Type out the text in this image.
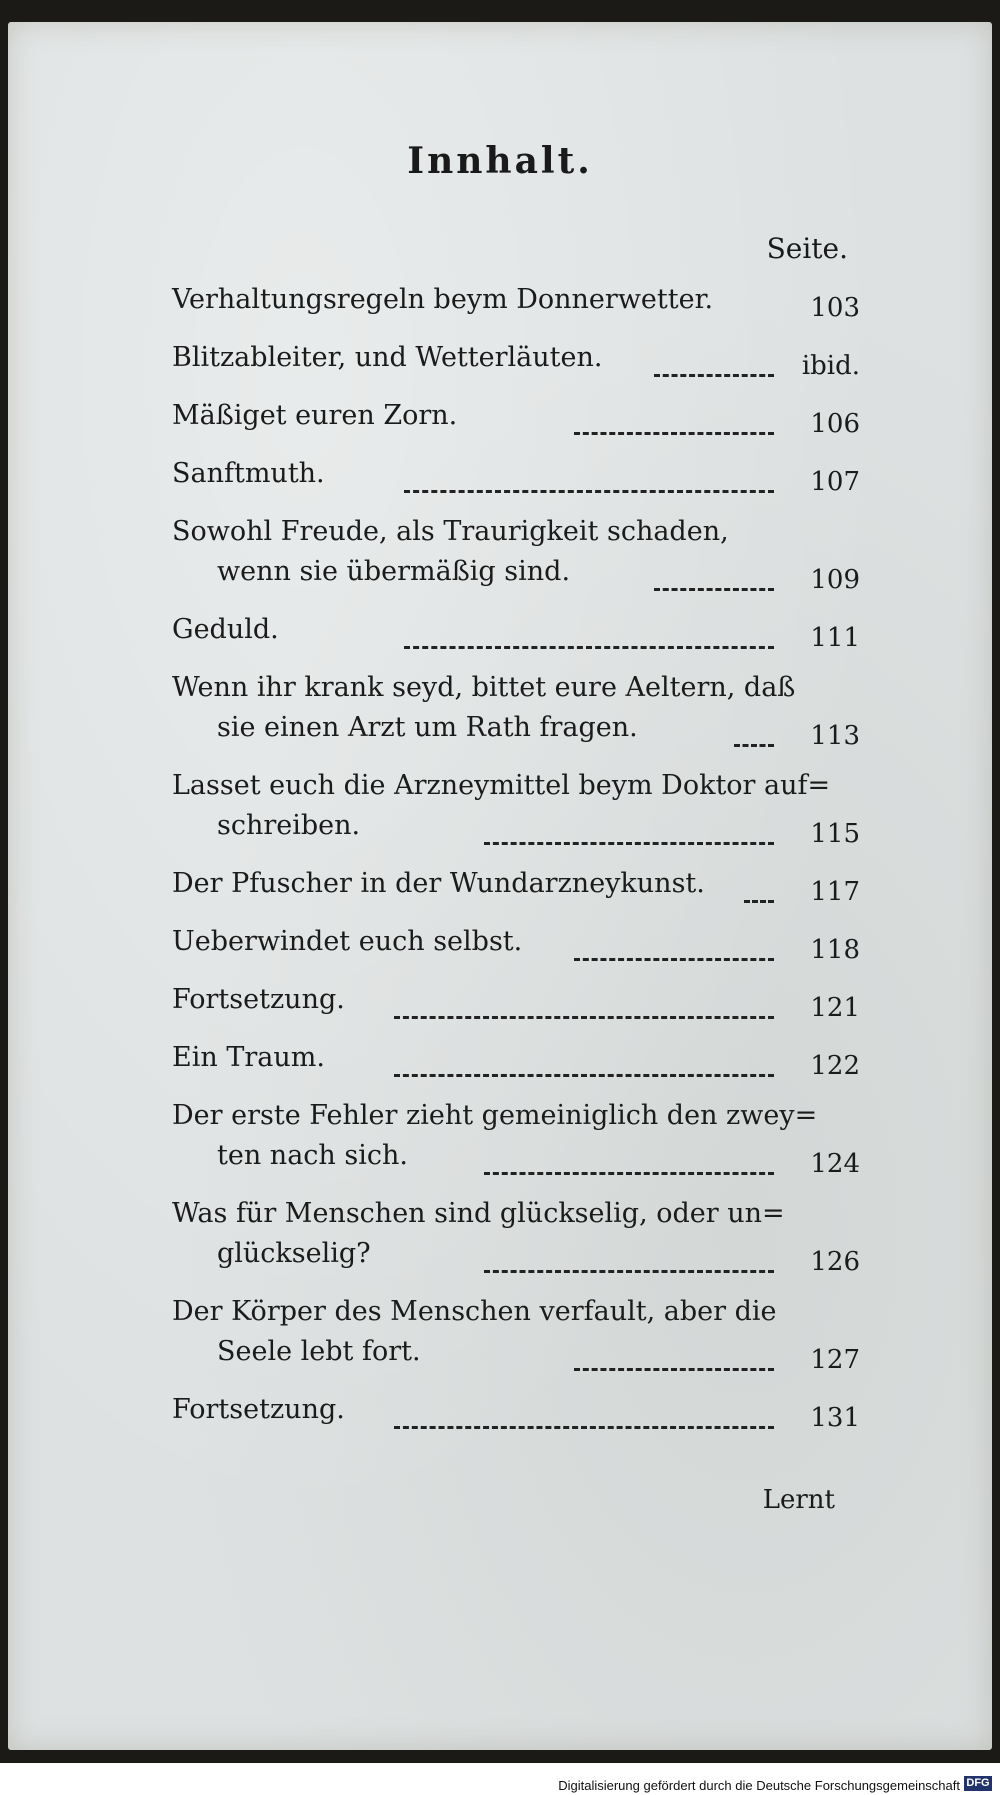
Innhalt.
Seite.
Verhaltungsregeln beym Donnerwetter.	103
Blitzableiter, und Wetterläuten.	ibid.
Mäßiget euren Zorn.	106
Sanftmuth.	107
Sowohl Freude, als Traurigkeit schaden,
wenn sie übermäßig sind.	109
Geduld.	111
Wenn ihr krank seyd, bittet eure Aeltern, daß
sie einen Arzt um Rath fragen.	113
Lasset euch die Arzneymittel beym Doktor auf=
schreiben.	115
Der Pfuscher in der Wundarzneykunst.	117
Ueberwindet euch selbst.	118
Fortsetzung.	121
Ein Traum.	122
Der erste Fehler zieht gemeiniglich den zwey=
ten nach sich.	124
Was für Menschen sind glückselig, oder un=
glückselig?	126
Der Körper des Menschen verfault, aber die
Seele lebt fort.	127
Fortsetzung.	131
Lernt
Digitalisierung gefördert durch die Deutsche Forschungsgemeinschaft DFG
